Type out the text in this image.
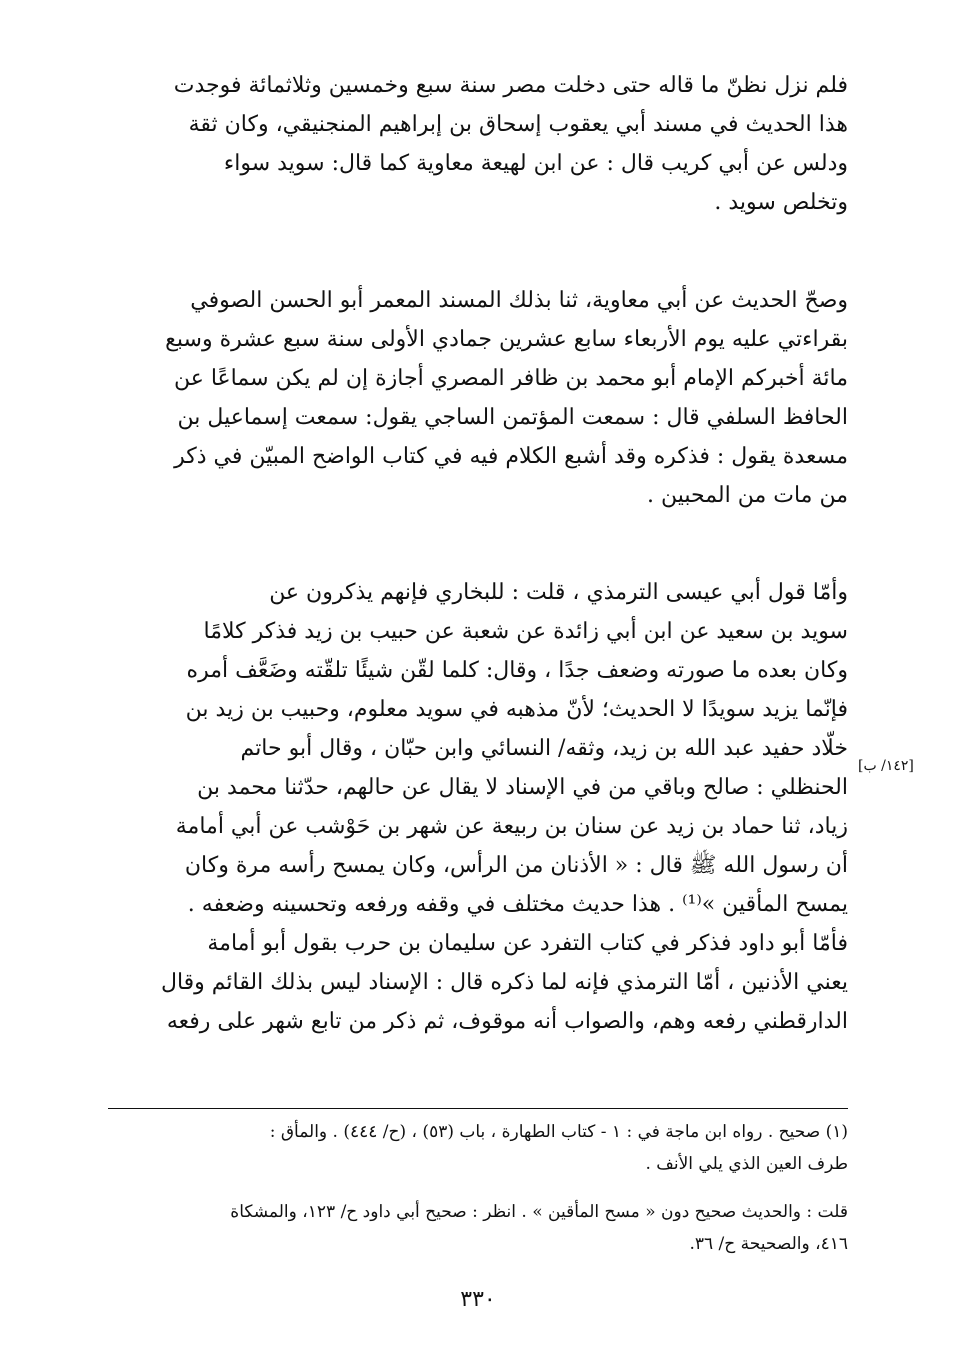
فلم نزل نظنّ ما قاله حتى دخلت مصر سنة سبع وخمسين وثلاثمائة فوجدت
هذا الحديث في مسند أبي يعقوب إسحاق بن إبراهيم المنجنيقي، وكان ثقة
ودلس عن أبي كريب قال : عن ابن لهيعة معاوية كما قال: سويد سواء
وتخلص سويد .
وصحّ الحديث عن أبي معاوية، ثنا بذلك المسند المعمر أبو الحسن الصوفي
بقراءتي عليه يوم الأربعاء سابع عشرين جمادي الأولى سنة سبع عشرة وسبع
مائة أخبركم الإمام أبو محمد بن ظافر المصري أجازة إن لم يكن سماعًا عن
الحافظ السلفي قال : سمعت المؤتمن الساجي يقول: سمعت إسماعيل بن
مسعدة يقول : فذكره وقد أشبع الكلام فيه في كتاب الواضح المبيّن في ذكر
من مات من المحبين .
وأمّا قول أبي عيسى الترمذي ، قلت : للبخاري فإنهم يذكرون عن
سويد بن سعيد عن ابن أبي زائدة عن شعبة عن حبيب بن زيد فذكر كلامًا
وكان بعده ما صورته وضعف جدًا ، وقال: كلما لقّن شيئًا تلقّته وضَعَّف أمره
فإنّما يزيد سويدًا لا الحديث؛ لأنّ مذهبه في سويد معلوم، وحبيب بن زيد بن
خلّاد حفيد عبد الله بن زيد، وثقه/ النسائي وابن حبّان ، وقال أبو حاتم
الحنظلي : صالح وباقي من في الإسناد لا يقال عن حالهم، حدّثنا محمد بن
زياد، ثنا حماد بن زيد عن سنان بن ربيعة عن شهر بن حَوْشب عن أبي أمامة
أن رسول الله ﷺ قال : « الأذنان من الرأس، وكان يمسح رأسه مرة وكان
يمسح المأقين »⁽¹⁾ . هذا حديث مختلف في وقفه ورفعه وتحسينه وضعفه .
فأمّا أبو داود فذكر في كتاب التفرد عن سليمان بن حرب بقول أبو أمامة
يعني الأذنين ، أمّا الترمذي فإنه لما ذكره قال : الإسناد ليس بذلك القائم وقال
الدارقطني رفعه وهم، والصواب أنه موقوف، ثم ذكر من تابع شهر على رفعه
[١٤٢/ ب]
(١) صحيح . رواه ابن ماجة في : ١ - كتاب الطهارة ، باب (٥٣) ، (ح/ ٤٤٤) . والمأق :
طرف العين الذي يلي الأنف .
قلت : والحديث صحيح دون « مسح المأقين » . انظر : صحيح أبي داود ح/ ١٢٣، والمشكاة
٤١٦، والصحيحة ح/ ٣٦.
٣٣٠
